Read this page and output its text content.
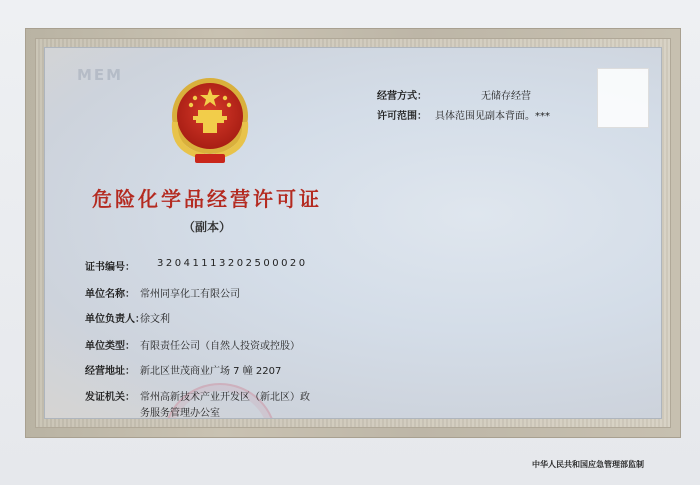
MEM
危险化学品经营许可证
（副本）
经营方式：	无储存经营
许可范围： 具体范围见副本背面。***
证书编号： 32041113202500020
单位名称： 常州同享化工有限公司
单位负责人：
徐文利
单位类型： 有限责任公司（自然人投资或控股）
经营地址： 新北区世茂商业广场 7 幢 2207
发证机关： 常州高新技术产业开发区（新北区）政
务服务管理办公室
中华人民共和国应急管理部监制
